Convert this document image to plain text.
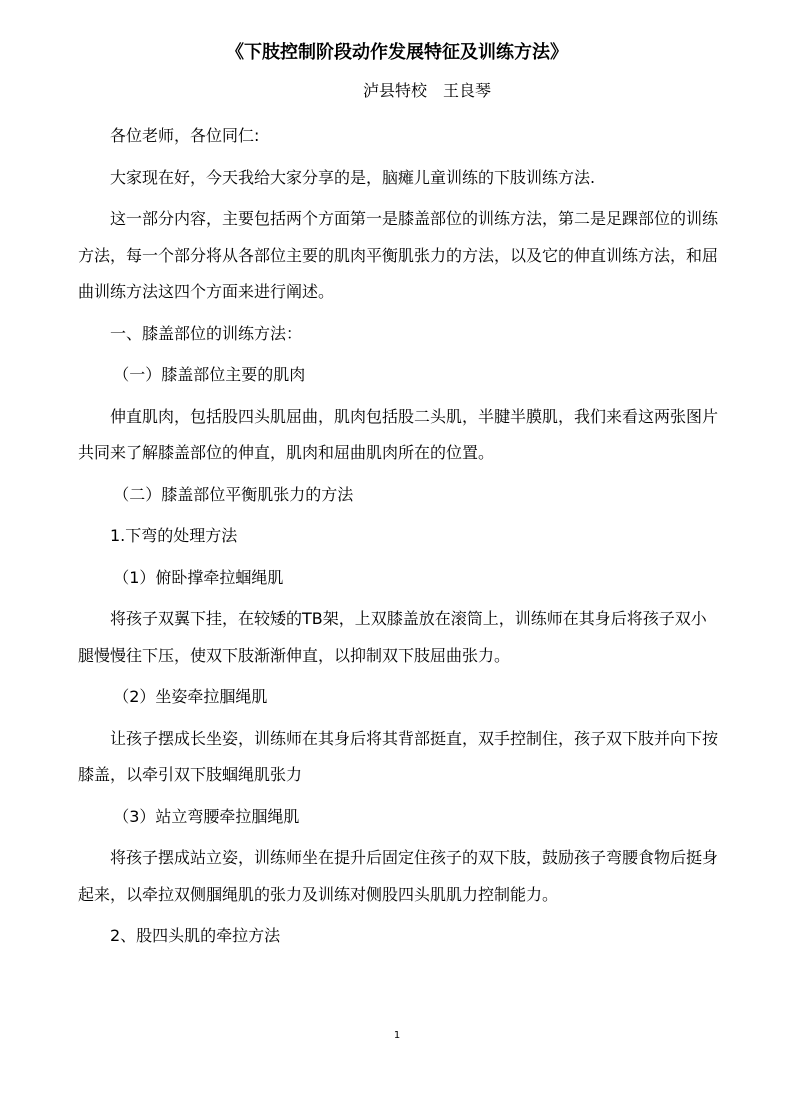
《下肢控制阶段动作发展特征及训练方法》
泸县特校　王良琴

各位老师，各位同仁:

大家现在好，今天我给大家分享的是，脑瘫儿童训练的下肢训练方法.

这一部分内容，主要包括两个方面第一是膝盖部位的训练方法，第二是足踝部位的训练方法，每一个部分将从各部位主要的肌肉平衡肌张力的方法，以及它的伸直训练方法，和屈曲训练方法这四个方面来进行阐述。

一、膝盖部位的训练方法：

（一）膝盖部位主要的肌肉

伸直肌肉，包括股四头肌屈曲，肌肉包括股二头肌，半腱半膜肌，我们来看这两张图片共同来了解膝盖部位的伸直，肌肉和屈曲肌肉所在的位置。

（二）膝盖部位平衡肌张力的方法

1.下弯的处理方法

（1）俯卧撑牵拉蝈绳肌

将孩子双翼下挂，在较矮的TB架，上双膝盖放在滚筒上，训练师在其身后将孩子双小腿慢慢往下压，使双下肢渐渐伸直，以抑制双下肢屈曲张力。

（2）坐姿牵拉腘绳肌

让孩子摆成长坐姿，训练师在其身后将其背部挺直，双手控制住，孩子双下肢并向下按膝盖，以牵引双下肢蝈绳肌张力

（3）站立弯腰牵拉腘绳肌

将孩子摆成站立姿，训练师坐在提升后固定住孩子的双下肢，鼓励孩子弯腰食物后挺身起来，以牵拉双侧腘绳肌的张力及训练对侧股四头肌肌力控制能力。

2、股四头肌的牵拉方法

1
